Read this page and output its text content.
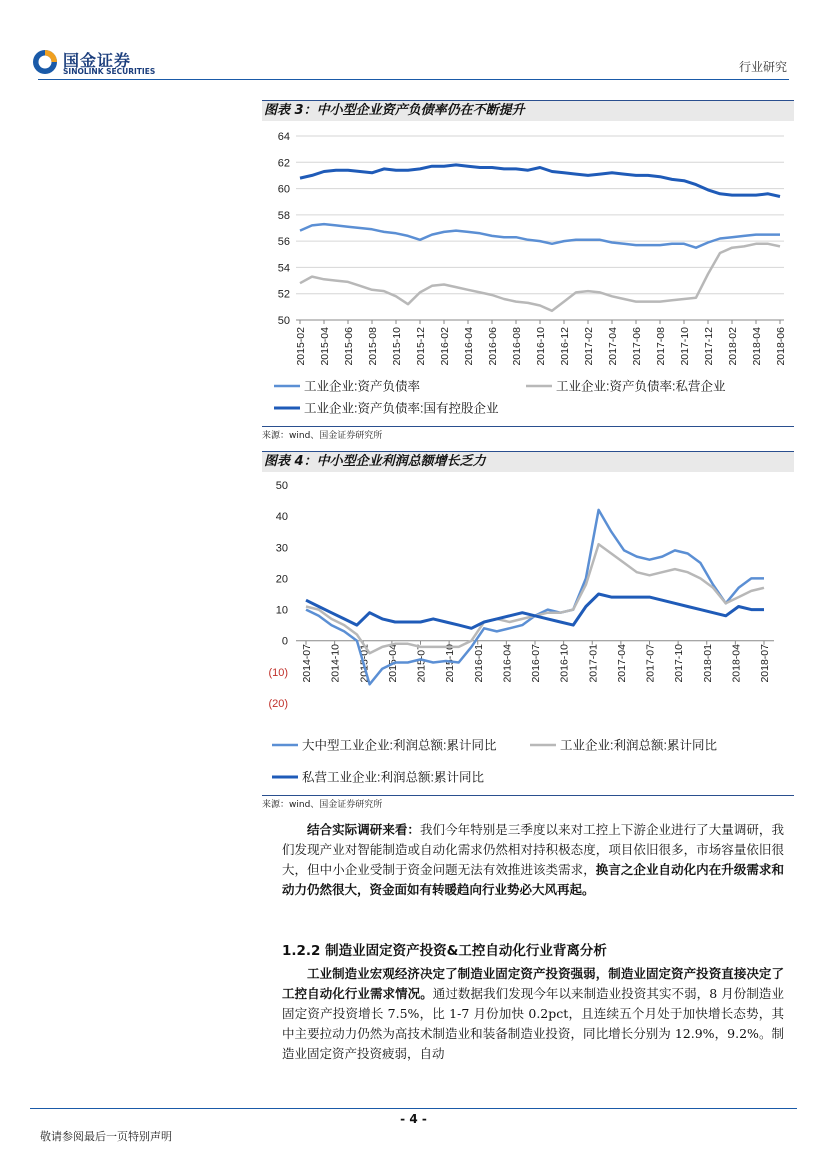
国金证券
SINOLINK SECURITIES	行业研究
图表 3：中小型企业资产负债率仍在不断提升
50
52
54
56
58
60
62
64
2015-02 2015-04 2015-06 2015-08 2015-10 2015-12 2016-02 2016-04 2016-06 2016-08 2016-10 2016-12 2017-02 2017-04 2017-06 2017-08 2017-10 2017-12 2018-02 2018-04 2018-06
工业企业:资产负债率	工业企业:资产负债率:私营企业
工业企业:资产负债率:国有控股企业
来源：wind、国金证券研究所
图表 4：中小型企业利润总额增长乏力
(20)
(10)
0
10
20
30
40
50
2014-07 2014-10 2015-01 2015-04 2015-07 2015-10 2016-01 2016-04 2016-07 2016-10 2017-01 2017-04 2017-07 2017-10 2018-01 2018-04 2018-07
大中型工业企业:利润总额:累计同比	工业企业:利润总额:累计同比
私营工业企业:利润总额:累计同比
来源：wind、国金证券研究所

结合实际调研来看：我们今年特别是三季度以来对工控上下游企业进行了大量调研，我们发现产业对智能制造或自动化需求仍然相对持积极态度，项目依旧很多，市场容量依旧很大，但中小企业受制于资金问题无法有效推进该类需求，换言之企业自动化内在升级需求和动力仍然很大，资金面如有转暖趋向行业势必大风再起。

1.2.2 制造业固定资产投资&工控自动化行业背离分析

工业制造业宏观经济决定了制造业固定资产投资强弱，制造业固定资产投资直接决定了工控自动化行业需求情况。通过数据我们发现今年以来制造业投资其实不弱，8 月份制造业固定资产投资增长 7.5%，比 1-7 月份加快 0.2pct，且连续五个月处于加快增长态势，其中主要拉动力仍然为高技术制造业和装备制造业投资，同比增长分别为 12.9%，9.2%。制造业固定资产投资疲弱，自动

- 4 -
敬请参阅最后一页特别声明
